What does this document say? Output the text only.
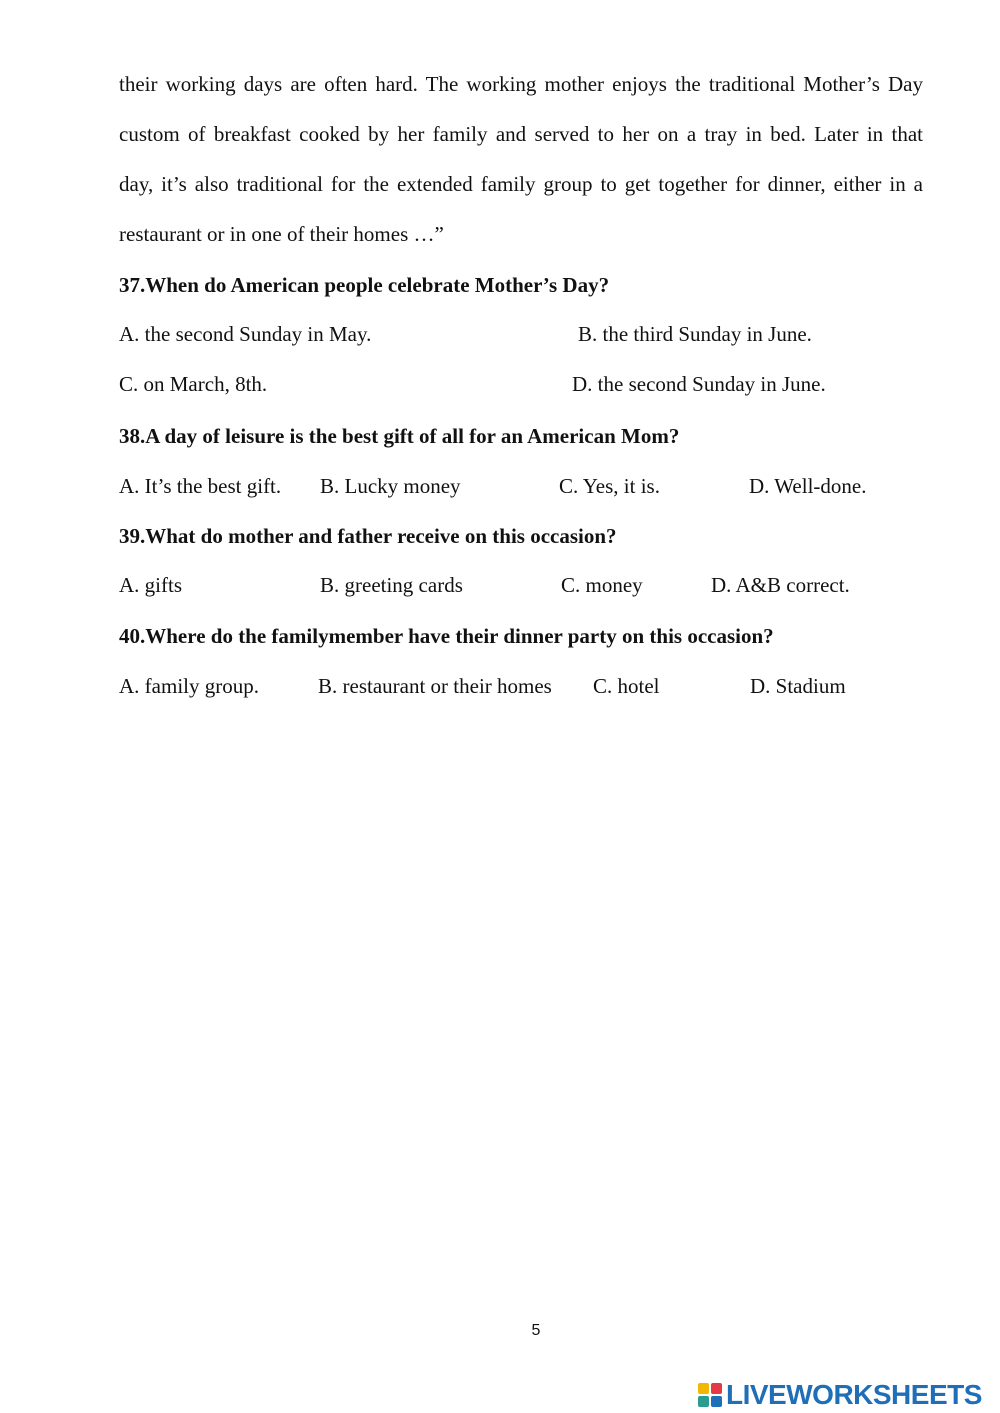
their working days are often hard. The working mother enjoys the traditional Mother’s Day
custom of breakfast cooked by her family and served to her on a tray in bed. Later in that
day, it’s also traditional for the extended family group to get together for dinner, either in a
restaurant or in one of their homes …”
37.When do American people celebrate Mother’s Day?
A. the second Sunday in May.	B. the third Sunday in June.
C. on March, 8th.	D. the second Sunday in June.
38.A day of leisure is the best gift of all for an American Mom?
A. It’s the best gift. B. Lucky money	C. Yes, it is.	D. Well-done.
39.What do mother and father receive on this occasion?
A. gifts	B. greeting cards	C. money	D. A&B correct.
40.Where do the familymember have their dinner party on this occasion?
A. family group.	B. restaurant or their homes C. hotel	D. Stadium
5
LIVEWORKSHEETS
